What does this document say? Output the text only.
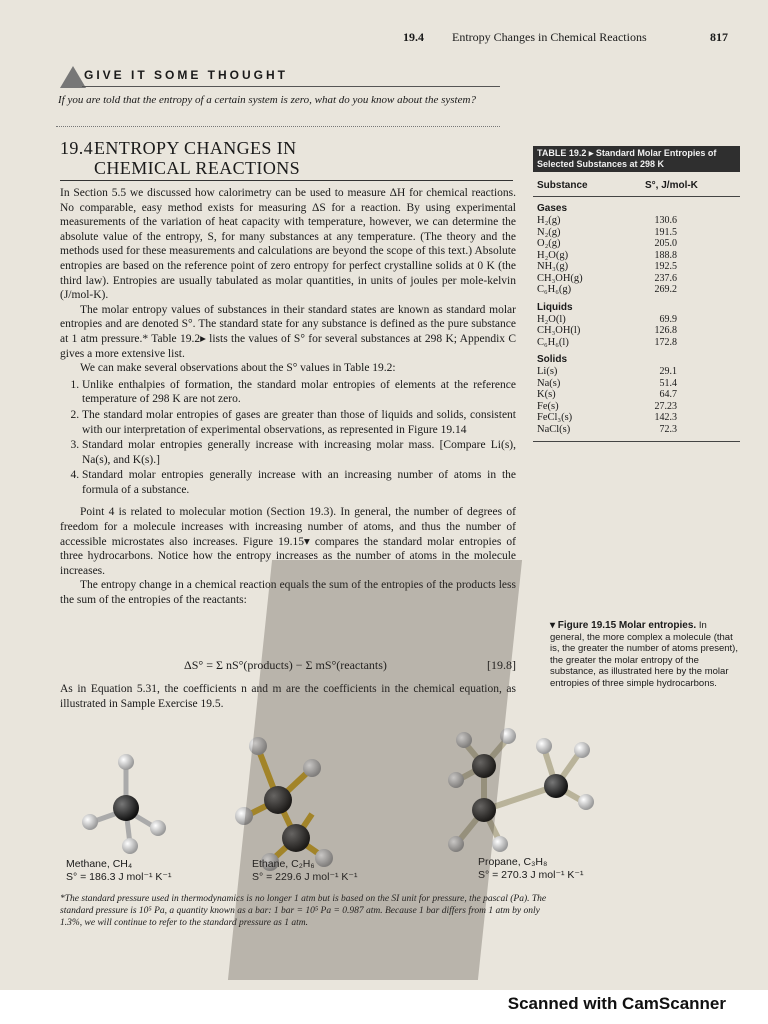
19.4 Entropy Changes in Chemical Reactions	817
GIVE IT SOME THOUGHT
If you are told that the entropy of a certain system is zero, what do you know about the system?
19.4ENTROPY CHANGES IN
CHEMICAL REACTIONS

In Section 5.5 we discussed how calorimetry can be used to measure ΔH for chemical reactions. No comparable, easy method exists for measuring ΔS for a reaction. By using experimental measurements of the variation of heat capacity with temperature, however, we can determine the absolute value of the entropy, S, for many substances at any temperature. (The theory and the methods used for these measurements and calculations are beyond the scope of this text.) Absolute entropies are based on the reference point of zero entropy for perfect crystalline solids at 0 K (the third law). Entropies are usually tabulated as molar quantities, in units of joules per mole-kelvin (J/mol-K).

The molar entropy values of substances in their standard states are known as standard molar entropies and are denoted S°. The standard state for any substance is defined as the pure substance at 1 atm pressure.* Table 19.2▸ lists the values of S° for several substances at 298 K; Appendix C gives a more extensive list.

We can make several observations about the S° values in Table 19.2:

1. Unlike enthalpies of formation, the standard molar entropies of elements at the reference temperature of 298 K are not zero.
2. The standard molar entropies of gases are greater than those of liquids and solids, consistent with our interpretation of experimental observations, as represented in Figure 19.14
3. Standard molar entropies generally increase with increasing molar mass. [Compare Li(s), Na(s), and K(s).]
4. Standard molar entropies generally increase with an increasing number of atoms in the formula of a substance.

Point 4 is related to molecular motion (Section 19.3). In general, the number of degrees of freedom for a molecule increases with increasing number of atoms, and thus the number of accessible microstates also increases. Figure 19.15▾ compares the standard molar entropies of three hydrocarbons. Notice how the entropy increases as the number of atoms in the molecule increases.

The entropy change in a chemical reaction equals the sum of the entropies of the products less the sum of the entropies of the reactants:

ΔS° = Σ nS°(products) − Σ mS°(reactants)	[19.8]
As in Equation 5.31, the coefficients n and m are the coefficients in the chemical equation, as illustrated in Sample Exercise 19.5.
TABLE 19.2 ▸ Standard Molar Entropies of Selected Substances at 298 K
Substance	S°, J/mol-K
Gases
H₂(g)	130.6
N₂(g)	191.5
O₂(g)	205.0
H₂O(g)	188.8
NH₃(g)	192.5
CH₃OH(g)	237.6
C₆H₆(g)	269.2
Liquids
H₂O(l)	69.9
CH₃OH(l)	126.8
C₆H₆(l)	172.8
Solids
Li(s)	29.1
Na(s)	51.4
K(s)	64.7
Fe(s)	27.23
FeCl₃(s)	142.3
NaCl(s)	72.3
▾ Figure 19.15 Molar entropies. In general, the more complex a molecule (that is, the greater the number of atoms present), the greater the molar entropy of the substance, as illustrated here by the molar entropies of three simple hydrocarbons.
Methane, CH₄
S° = 186.3 J mol⁻¹ K⁻¹
Ethane, C₂H₆
S° = 229.6 J mol⁻¹ K⁻¹
Propane, C₃H₈
S° = 270.3 J mol⁻¹ K⁻¹
*The standard pressure used in thermodynamics is no longer 1 atm but is based on the SI unit for pressure, the pascal (Pa). The standard pressure is 10⁵ Pa, a quantity known as a bar: 1 bar = 10⁵ Pa = 0.987 atm. Because 1 bar differs from 1 atm by only 1.3%, we will continue to refer to the standard pressure as 1 atm.
Scanned with CamScanner
